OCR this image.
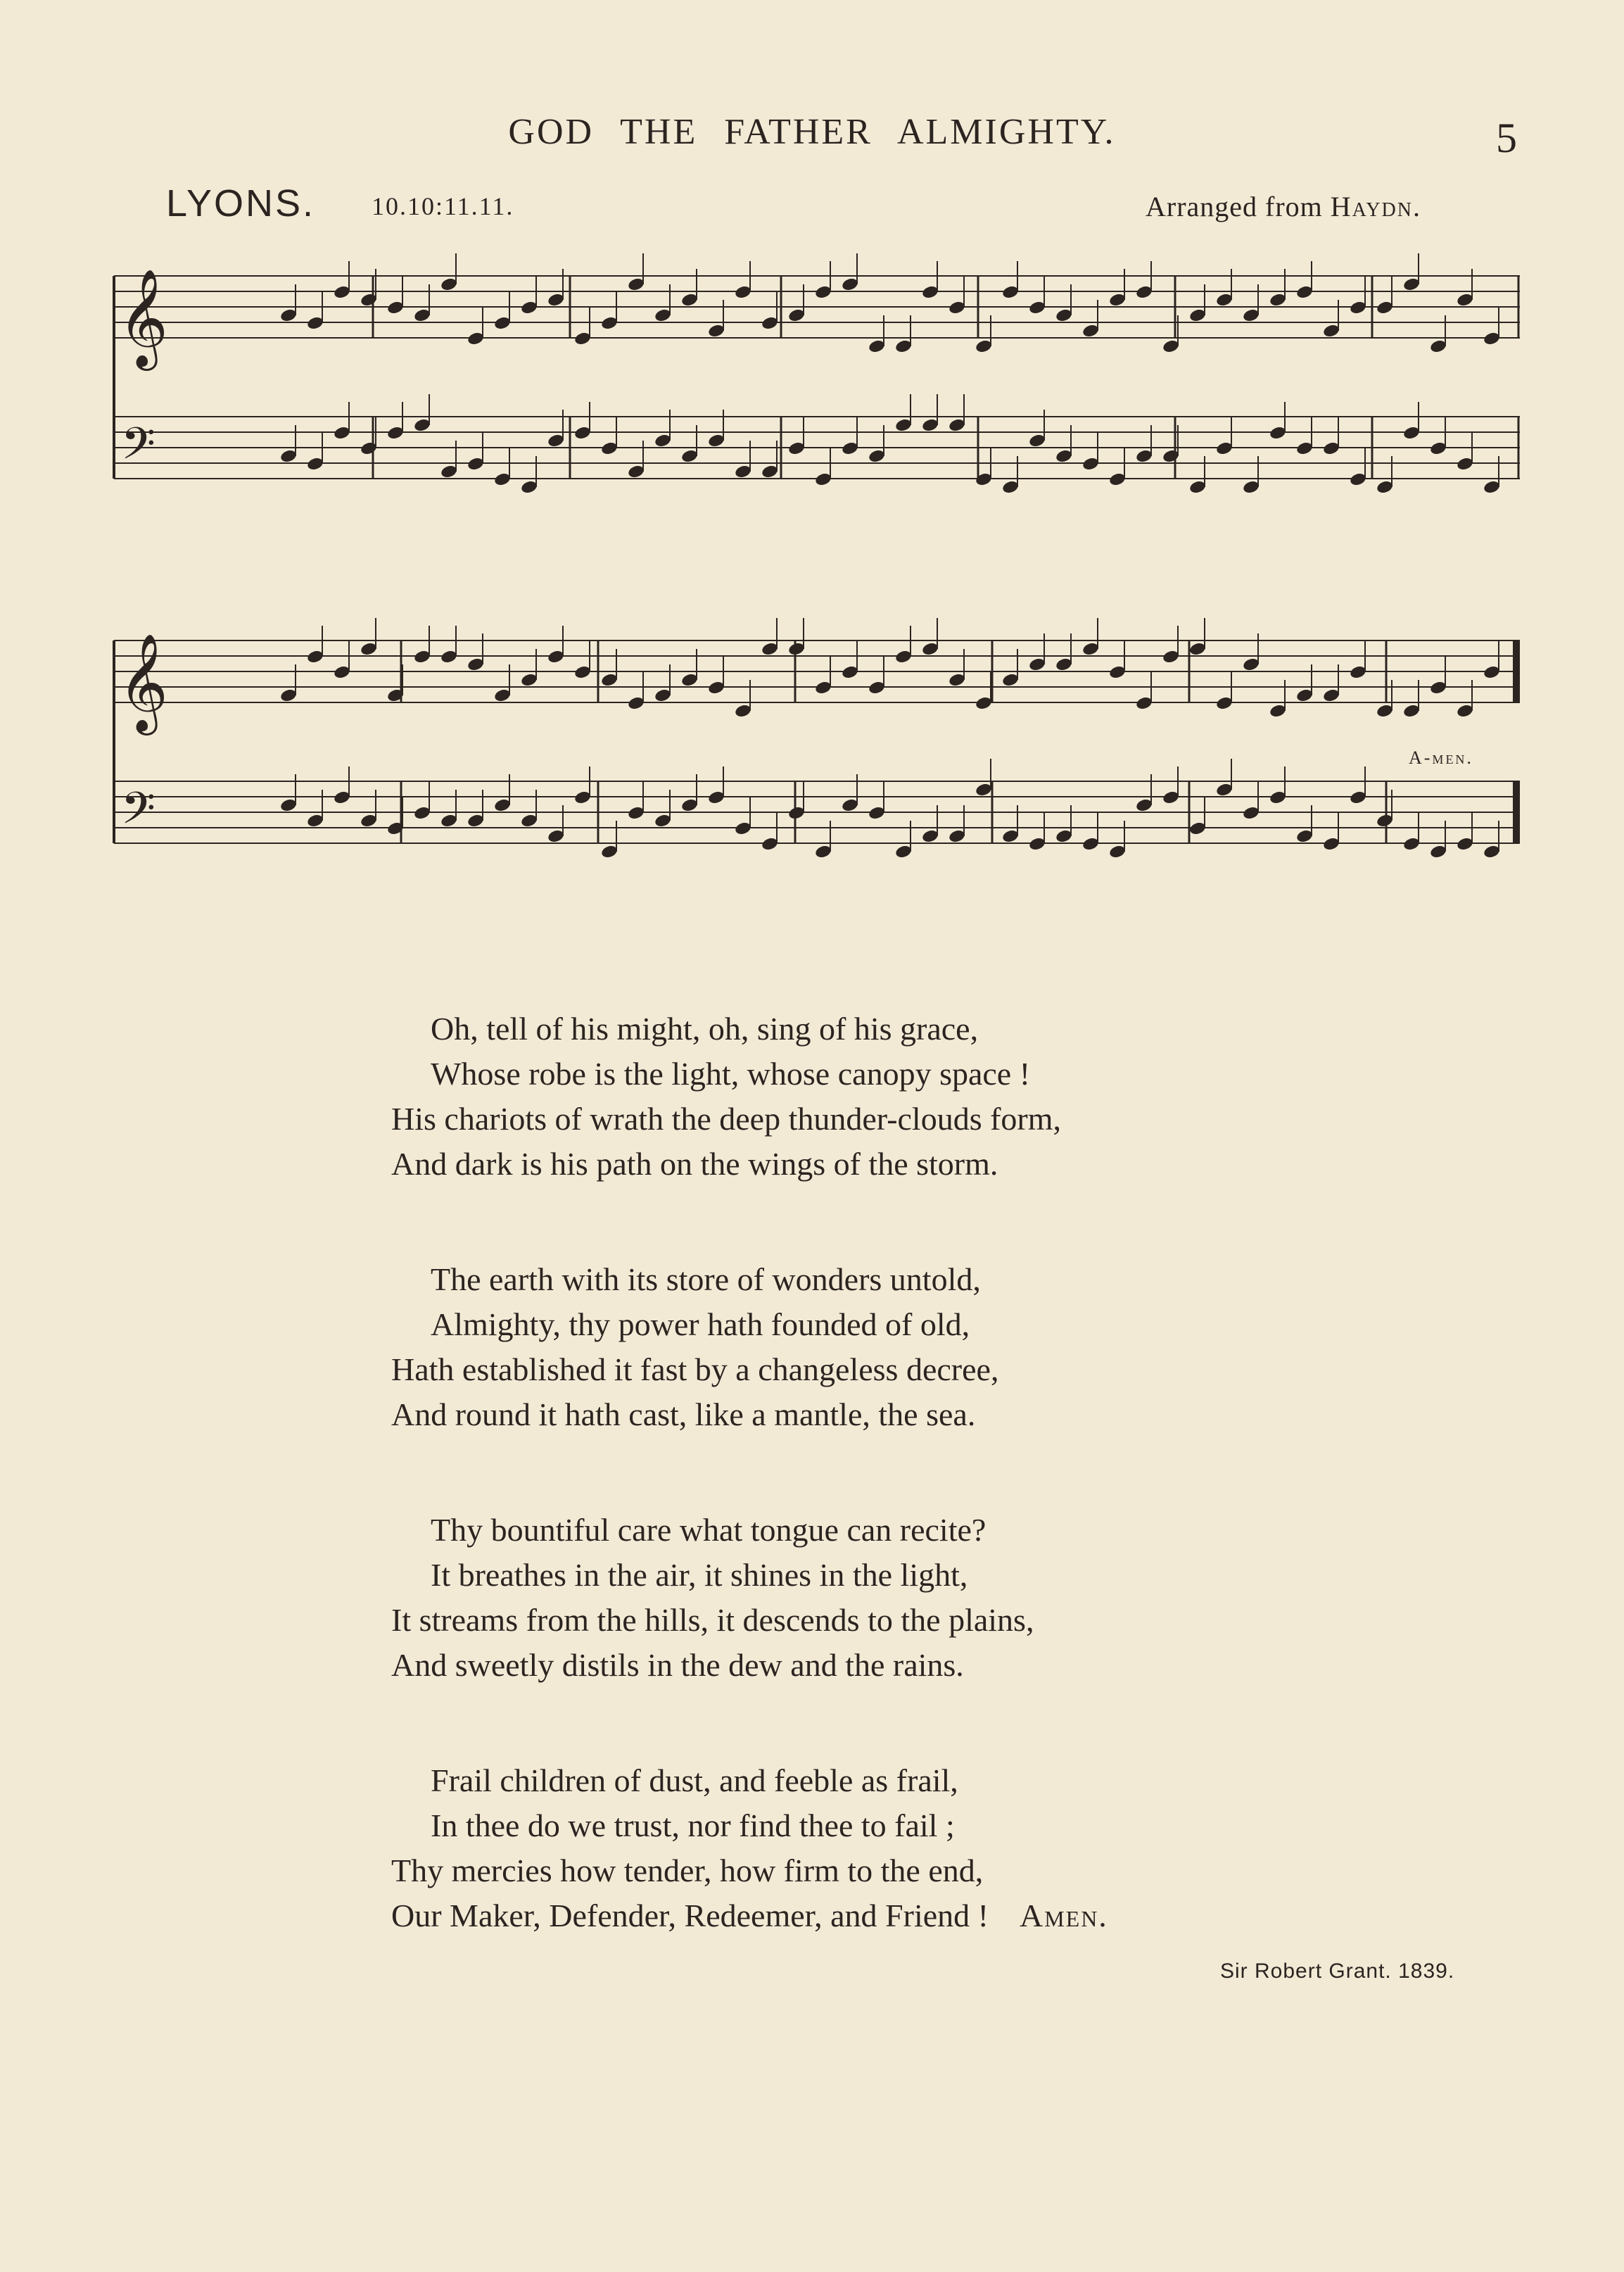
GOD THE FATHER ALMIGHTY.	5
LYONS. 10.10:11.11.	Arranged from Haydn.
𝄞
𝄢
𝄞
𝄢
A-men.
Oh, tell of his might, oh, sing of his grace,
Whose robe is the light, whose canopy space !
His chariots of wrath the deep thunder-clouds form,
And dark is his path on the wings of the storm.
The earth with its store of wonders untold,
Almighty, thy power hath founded of old,
Hath established it fast by a changeless decree,
And round it hath cast, like a mantle, the sea.
Thy bountiful care what tongue can recite?
It breathes in the air, it shines in the light,
It streams from the hills, it descends to the plains,
And sweetly distils in the dew and the rains.
Frail children of dust, and feeble as frail,
In thee do we trust, nor find thee to fail ;
Thy mercies how tender, how firm to the end,
Our Maker, Defender, Redeemer, and Friend ! Amen.
Sir Robert Grant. 1839.
